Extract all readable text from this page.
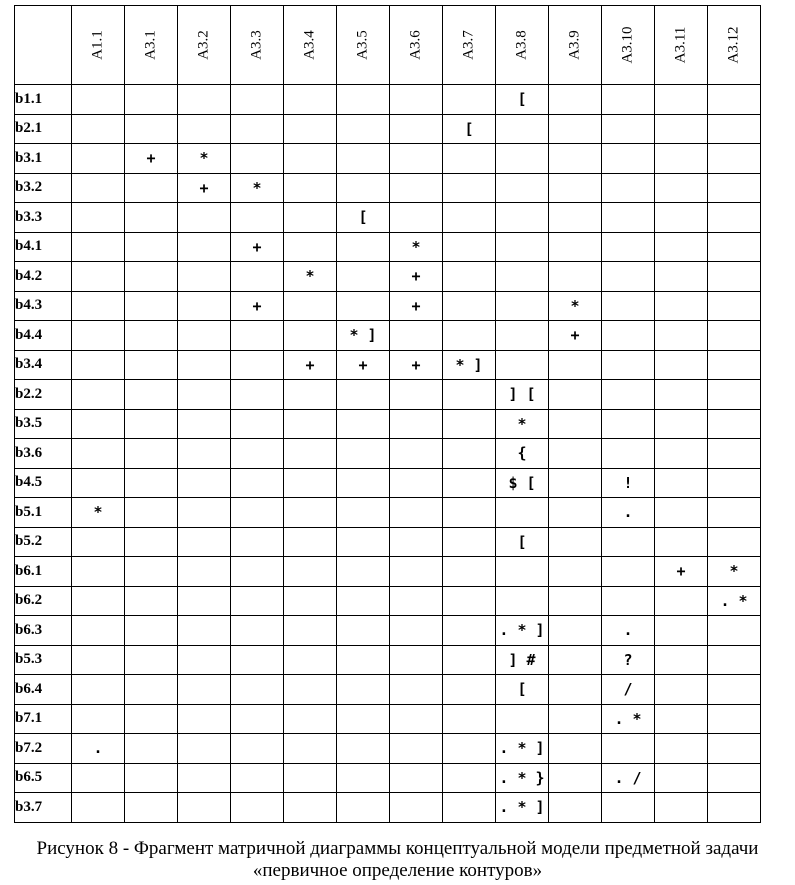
	A1.1	A3.1	A3.2	A3.3	A3.4	A3.5	A3.6	A3.7	A3.8	A3.9	A3.10	A3.11	A3.12

b1.1									[				
b2.1								[					
b3.1		+	*										
b3.2			+	*									
b3.3						[							
b4.1				+			*						
b4.2					*		+						
b4.3				+			+			*			
b4.4						* ]				+			
b3.4					+	+	+	* ]					
b2.2									] [				
b3.5									*				
b3.6									{				
b4.5									$ [		!		
b5.1	*										.		
b5.2									[				
b6.1												+	*
b6.2													. *
b6.3									. * ]		.		
b5.3									] #		?		
b6.4									[		/		
b7.1											. *		
b7.2	.								. * ]				
b6.5									. * }		. /		
b3.7									. * ]				
Рисунок 8 - Фрагмент матричной диаграммы концептуальной модели предметной задачи
«первичное определение контуров»
